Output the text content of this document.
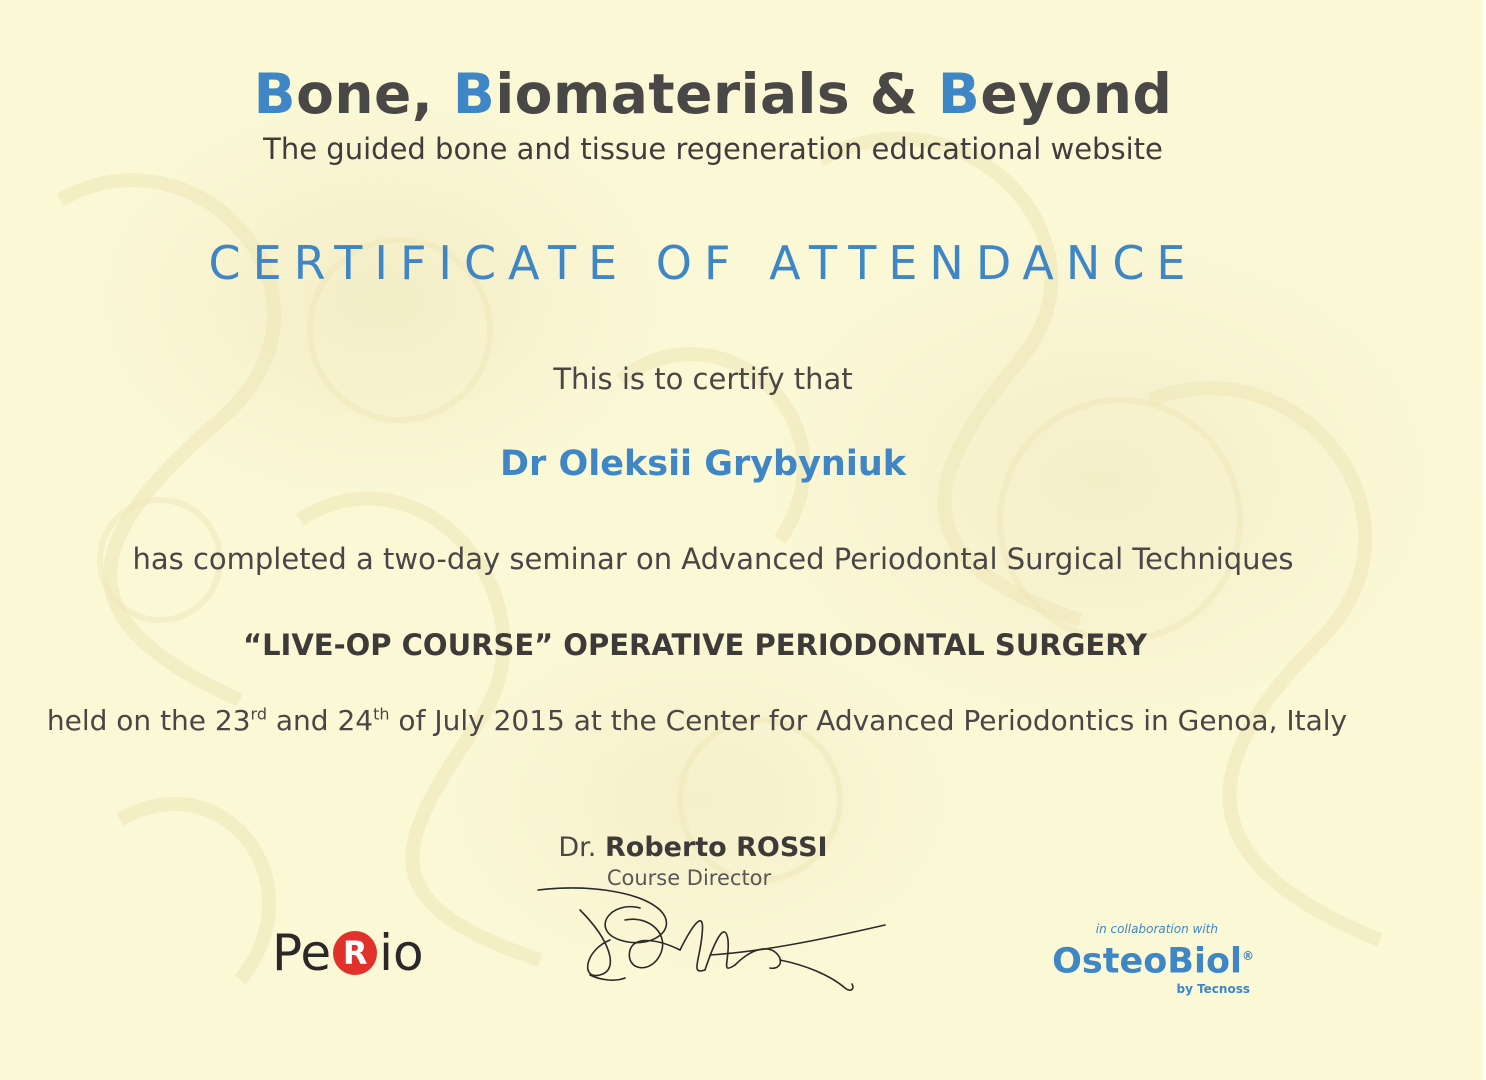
Bone, Biomaterials & Beyond
The guided bone and tissue regeneration educational website
CERTIFICATE OF ATTENDANCE
This is to certify that
Dr Oleksii Grybyniuk
has completed a two-day seminar on Advanced Periodontal Surgical Techniques
“LIVE-OP COURSE” OPERATIVE PERIODONTAL SURGERY
held on the 23rd and 24th of July 2015 at the Center for Advanced Periodontics in Genoa, Italy
Dr. Roberto ROSSI
Course Director
Pe R io	in collaboration with
OsteoBiol®
by Tecnoss
